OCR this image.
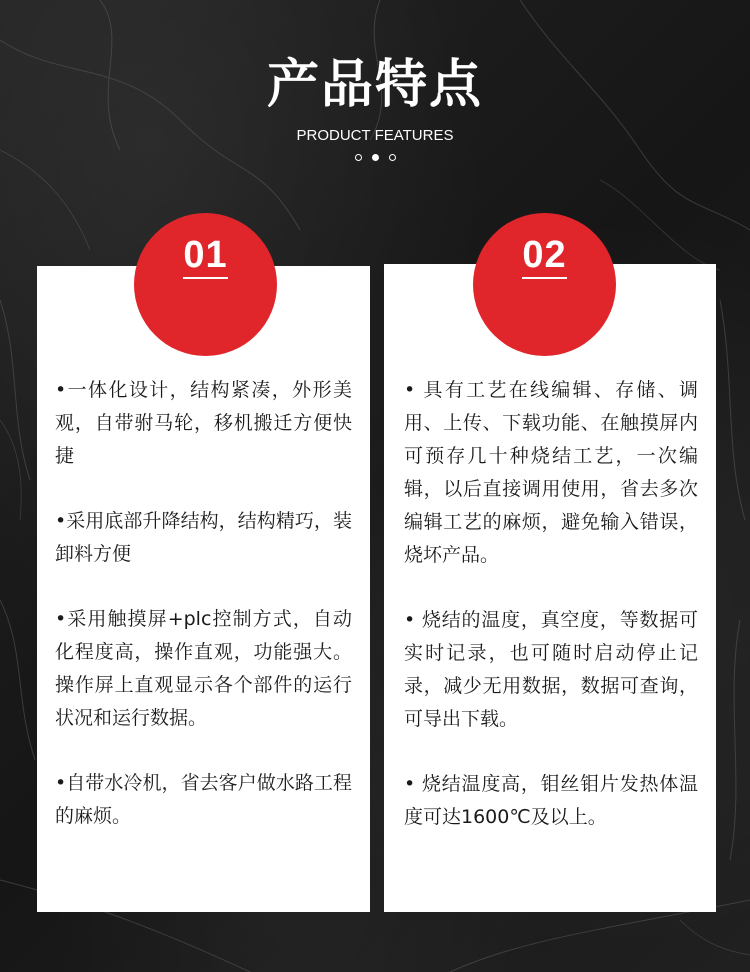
产品特点
PRODUCT FEATURES

•一体化设计，结构紧凑，外形美观，自带驸马轮，移机搬迁方便快捷

•采用底部升降结构，结构精巧，装卸料方便

•采用触摸屏+plc控制方式，自动化程度高，操作直观，功能强大。操作屏上直观显示各个部件的运行状况和运行数据。

•自带水冷机，省去客户做水路工程的麻烦。

• 具有工艺在线编辑、存储、调用、上传、下载功能、在触摸屏内可预存几十种烧结工艺，一次编辑，以后直接调用使用，省去多次编辑工艺的麻烦，避免输入错误，烧坏产品。

• 烧结的温度，真空度，等数据可实时记录，也可随时启动停止记录，减少无用数据，数据可查询，可导出下载。

• 烧结温度高，钼丝钼片发热体温度可达1600℃及以上。

01	02
